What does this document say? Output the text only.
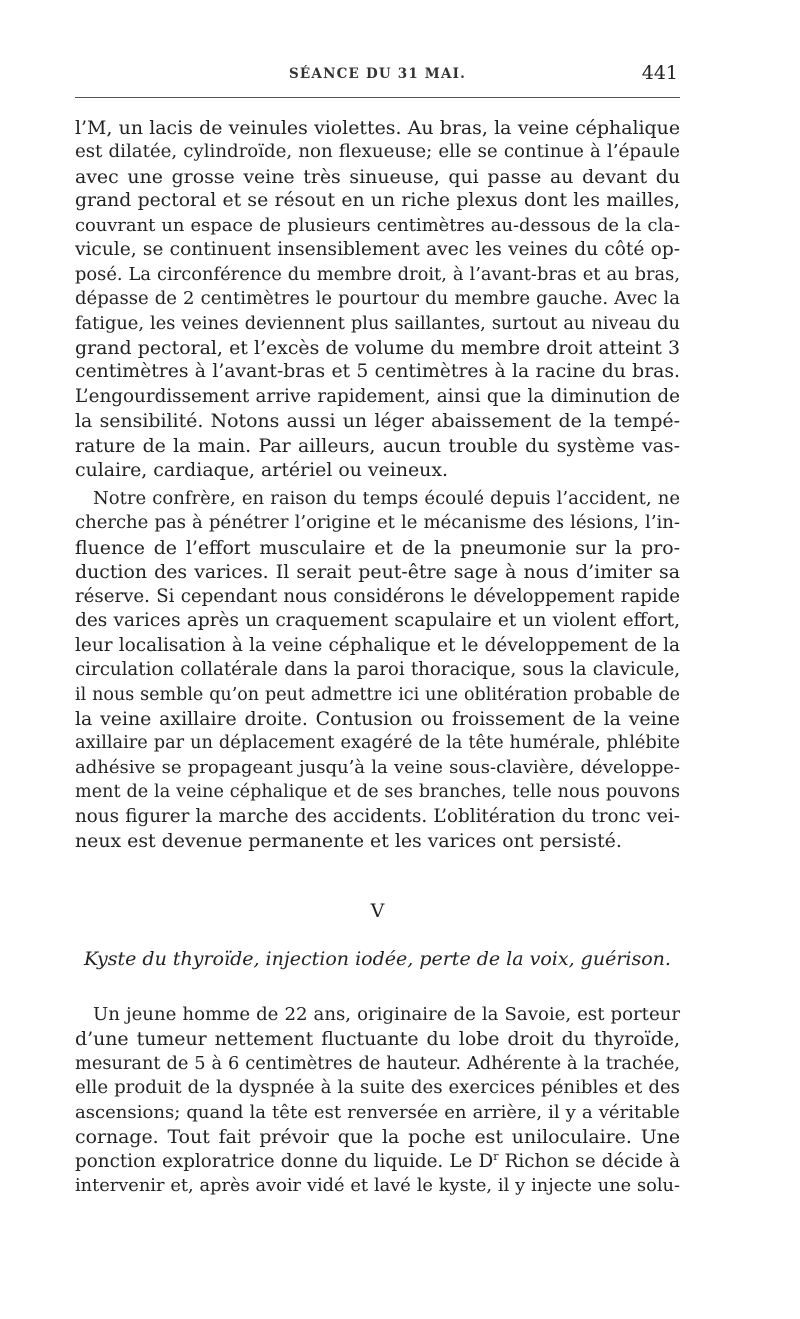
SÉANCE DU 31 MAI.	441
l’M, un lacis de veinules violettes. Au bras, la veine céphalique
est dilatée, cylindroïde, non flexueuse; elle se continue à l’épaule
avec une grosse veine très sinueuse, qui passe au devant du
grand pectoral et se résout en un riche plexus dont les mailles,
couvrant un espace de plusieurs centimètres au-dessous de la cla-
vicule, se continuent insensiblement avec les veines du côté op-
posé. La circonférence du membre droit, à l’avant-bras et au bras,
dépasse de 2 centimètres le pourtour du membre gauche. Avec la
fatigue, les veines deviennent plus saillantes, surtout au niveau du
grand pectoral, et l’excès de volume du membre droit atteint 3
centimètres à l’avant-bras et 5 centimètres à la racine du bras.
L’engourdissement arrive rapidement, ainsi que la diminution de
la sensibilité. Notons aussi un léger abaissement de la tempé-
rature de la main. Par ailleurs, aucun trouble du système vas-
culaire, cardiaque, artériel ou veineux.
Notre confrère, en raison du temps écoulé depuis l’accident, ne
cherche pas à pénétrer l’origine et le mécanisme des lésions, l’in-
fluence de l’effort musculaire et de la pneumonie sur la pro-
duction des varices. Il serait peut-être sage à nous d’imiter sa
réserve. Si cependant nous considérons le développement rapide
des varices après un craquement scapulaire et un violent effort,
leur localisation à la veine céphalique et le développement de la
circulation collatérale dans la paroi thoracique, sous la clavicule,
il nous semble qu’on peut admettre ici une oblitération probable de
la veine axillaire droite. Contusion ou froissement de la veine
axillaire par un déplacement exagéré de la tête humérale, phlébite
adhésive se propageant jusqu’à la veine sous-clavière, développe-
ment de la veine céphalique et de ses branches, telle nous pouvons
nous figurer la marche des accidents. L’oblitération du tronc vei-
neux est devenue permanente et les varices ont persisté.
V
Kyste du thyroïde, injection iodée, perte de la voix, guérison.
Un jeune homme de 22 ans, originaire de la Savoie, est porteur
d’une tumeur nettement fluctuante du lobe droit du thyroïde,
mesurant de 5 à 6 centimètres de hauteur. Adhérente à la trachée,
elle produit de la dyspnée à la suite des exercices pénibles et des
ascensions; quand la tête est renversée en arrière, il y a véritable
cornage. Tout fait prévoir que la poche est uniloculaire. Une
ponction exploratrice donne du liquide. Le $D^r$ Richon se décide à
intervenir et, après avoir vidé et lavé le kyste, il y injecte une solu-
